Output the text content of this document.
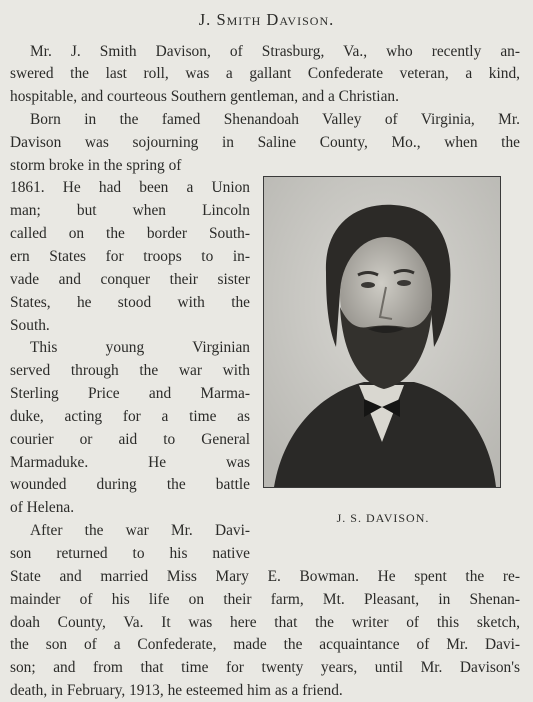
J. Smith Davison.
Mr. J. Smith Davison, of Strasburg, Va., who recently an-
swered the last roll, was a gallant Confederate veteran, a kind,
hospitable, and courteous Southern gentleman, and a Christian.
Born in the famed Shenandoah Valley of Virginia, Mr.
Davison was sojourning in Saline County, Mo., when the
storm broke in the spring of
1861. He had been a Union
man; but when Lincoln
called on the border South-
ern States for troops to in-
vade and conquer their sister
States, he stood with the
South.
This young Virginian
served through the war with
Sterling Price and Marma-
duke, acting for a time as
courier or aid to General
Marmaduke. He was
wounded during the battle
of Helena.
After the war Mr. Davi-
son returned to his native
State and married Miss Mary E. Bowman. He spent the re-
mainder of his life on their farm, Mt. Pleasant, in Shenan-
doah County, Va. It was here that the writer of this sketch,
the son of a Confederate, made the acquaintance of Mr. Davi-
son; and from that time for twenty years, until Mr. Davison's
death, in February, 1913, he esteemed him as a friend.
J. S. DAVISON.
